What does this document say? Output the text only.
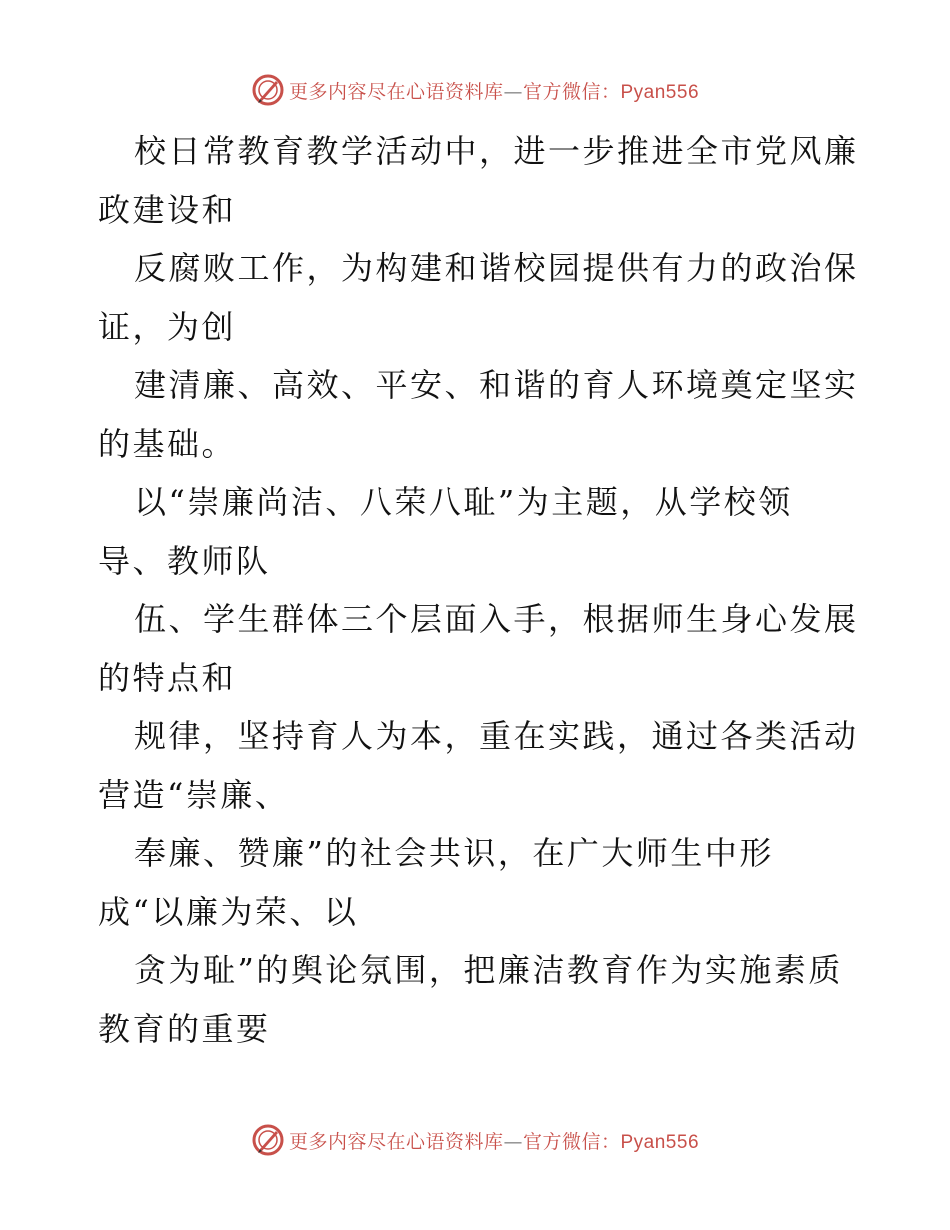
更多内容尽在心语资料库—官方微信：Pyan556
校日常教育教学活动中，进一步推进全市党风廉
政建设和
反腐败工作，为构建和谐校园提供有力的政治保
证，为创
建清廉、高效、平安、和谐的育人环境奠定坚实
的基础。
以“崇廉尚洁、八荣八耻”为主题，从学校领
导、教师队
伍、学生群体三个层面入手，根据师生身心发展
的特点和
规律，坚持育人为本，重在实践，通过各类活动
营造“崇廉、
奉廉、赞廉”的社会共识，在广大师生中形
成“以廉为荣、以
贪为耻”的舆论氛围，把廉洁教育作为实施素质
教育的重要
更多内容尽在心语资料库—官方微信：Pyan556
